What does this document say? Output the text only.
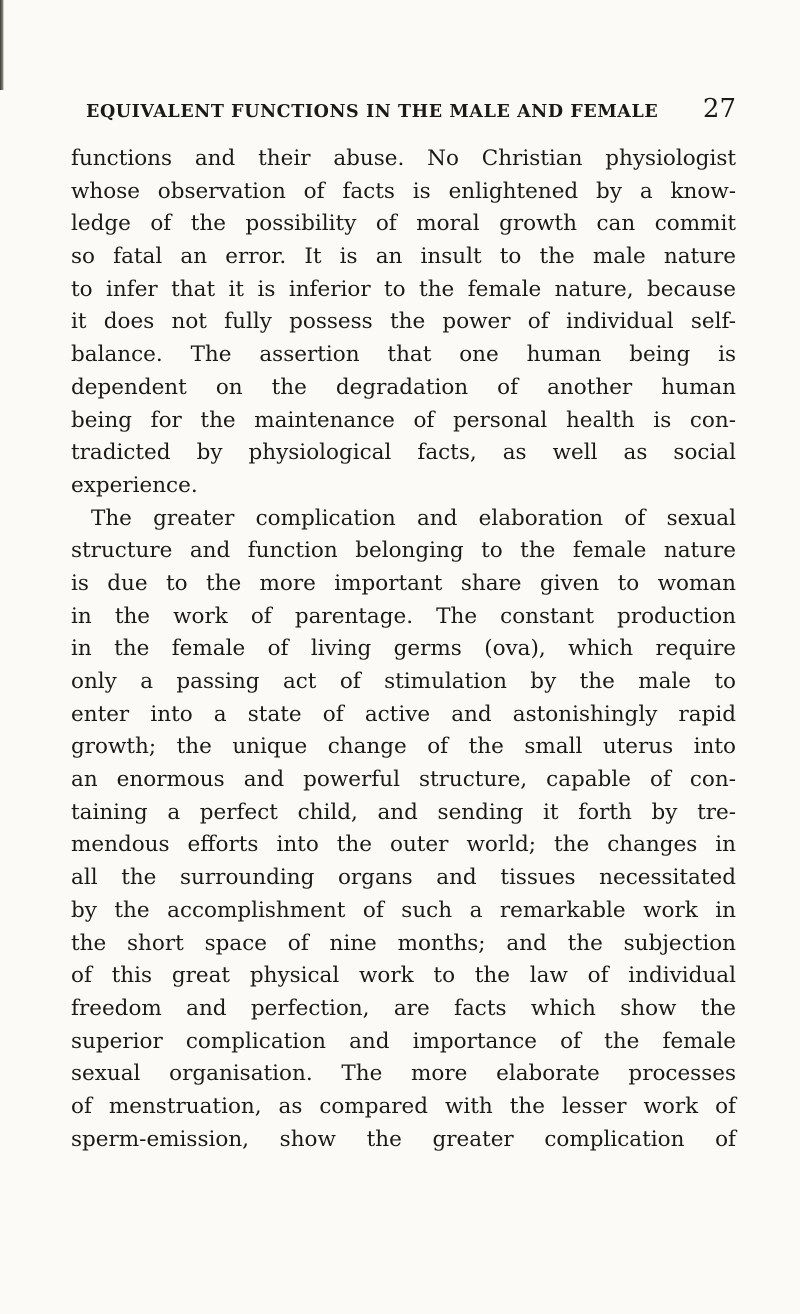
EQUIVALENT FUNCTIONS IN THE MALE AND FEMALE 27
functions and their abuse. No Christian physiologist
whose observation of facts is enlightened by a know-
ledge of the possibility of moral growth can commit
so fatal an error. It is an insult to the male nature
to infer that it is inferior to the female nature, because
it does not fully possess the power of individual self-
balance. The assertion that one human being is
dependent on the degradation of another human
being for the maintenance of personal health is con-
tradicted by physiological facts, as well as social
experience.
The greater complication and elaboration of sexual
structure and function belonging to the female nature
is due to the more important share given to woman
in the work of parentage. The constant production
in the female of living germs (ova), which require
only a passing act of stimulation by the male to
enter into a state of active and astonishingly rapid
growth; the unique change of the small uterus into
an enormous and powerful structure, capable of con-
taining a perfect child, and sending it forth by tre-
mendous efforts into the outer world; the changes in
all the surrounding organs and tissues necessitated
by the accomplishment of such a remarkable work in
the short space of nine months; and the subjection
of this great physical work to the law of individual
freedom and perfection, are facts which show the
superior complication and importance of the female
sexual organisation. The more elaborate processes
of menstruation, as compared with the lesser work of
sperm-emission, show the greater complication of
